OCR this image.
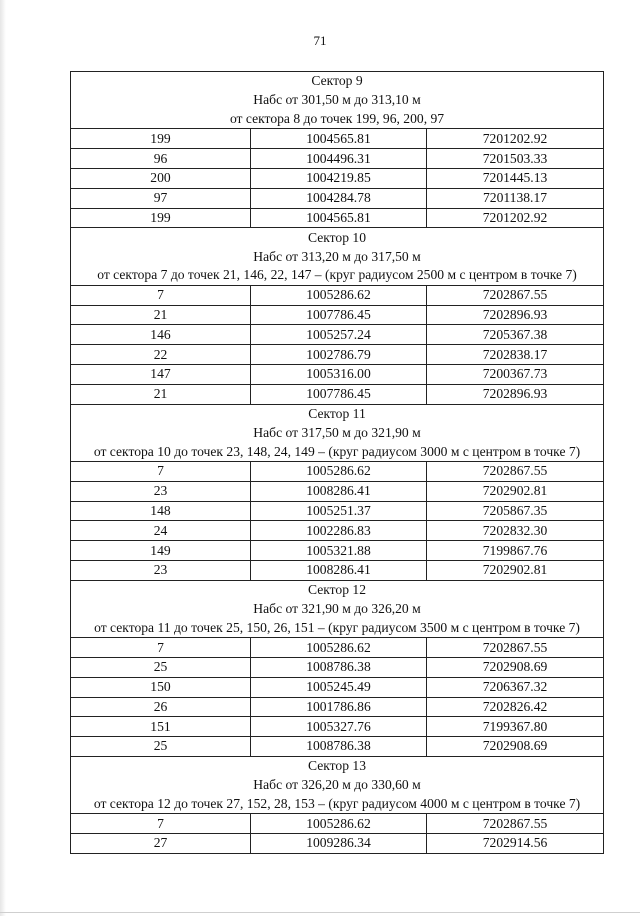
71
Сектор 9		
Набс от 301,50 м до 313,10 м		
от сектора 8 до точек 199, 96, 200, 97		
199	1004565.81	7201202.92
96	1004496.31	7201503.33
200	1004219.85	7201445.13
97	1004284.78	7201138.17
199	1004565.81	7201202.92
Сектор 10		
Набс от 313,20 м до 317,50 м		
от сектора 7 до точек 21, 146, 22, 147 – (круг радиусом 2500 м с центром в точке 7)		
7	1005286.62	7202867.55
21	1007786.45	7202896.93
146	1005257.24	7205367.38
22	1002786.79	7202838.17
147	1005316.00	7200367.73
21	1007786.45	7202896.93
Сектор 11		
Набс от 317,50 м до 321,90 м		
от сектора 10 до точек 23, 148, 24, 149 – (круг радиусом 3000 м с центром в точке 7)		
7	1005286.62	7202867.55
23	1008286.41	7202902.81
148	1005251.37	7205867.35
24	1002286.83	7202832.30
149	1005321.88	7199867.76
23	1008286.41	7202902.81
Сектор 12		
Набс от 321,90 м до 326,20 м		
от сектора 11 до точек 25, 150, 26, 151 – (круг радиусом 3500 м с центром в точке 7)		
7	1005286.62	7202867.55
25	1008786.38	7202908.69
150	1005245.49	7206367.32
26	1001786.86	7202826.42
151	1005327.76	7199367.80
25	1008786.38	7202908.69
Сектор 13		
Набс от 326,20 м до 330,60 м		
от сектора 12 до точек 27, 152, 28, 153 – (круг радиусом 4000 м с центром в точке 7)		
7	1005286.62	7202867.55
27	1009286.34	7202914.56
